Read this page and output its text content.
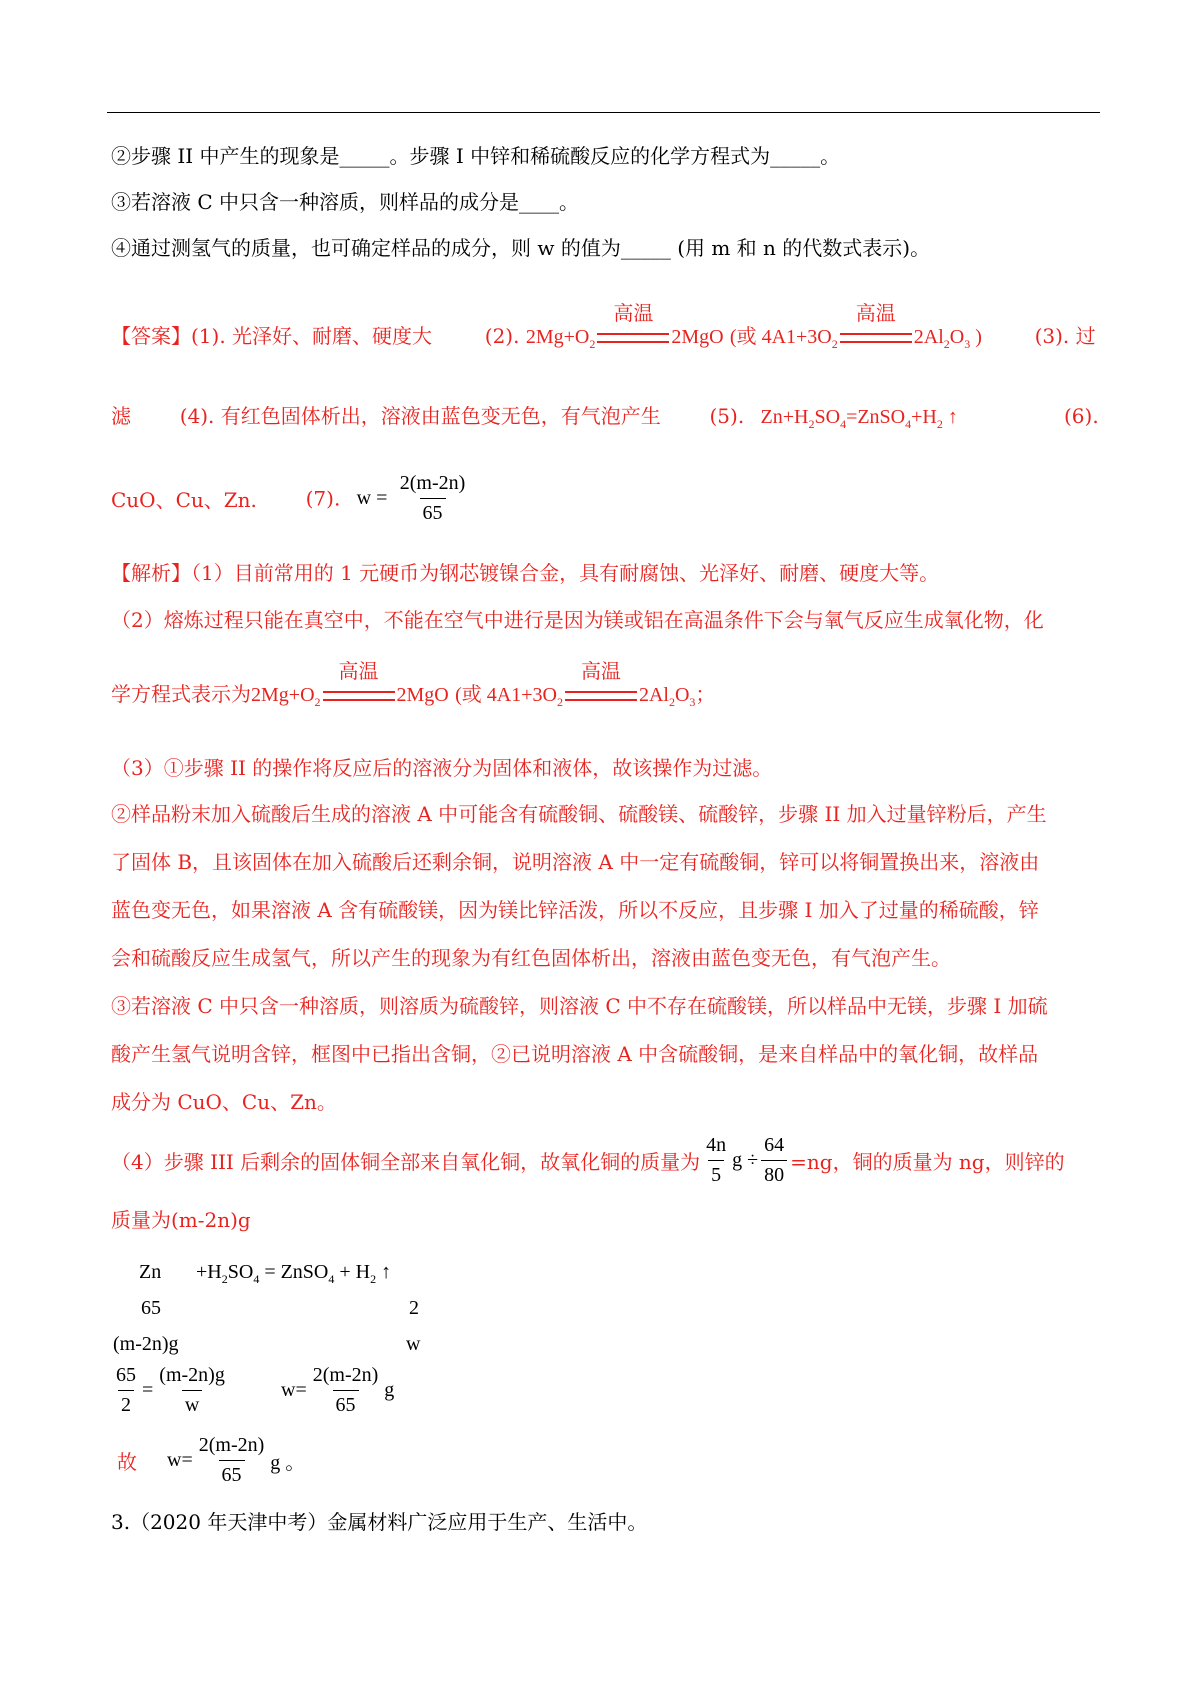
②步骤 II 中产生的现象是_____。步骤 I 中锌和稀硫酸反应的化学方程式为_____。
③若溶液 C 中只含一种溶质，则样品的成分是____。
④通过测氢气的质量，也可确定样品的成分，则 w 的值为_____ (用 m 和 n 的代数式表示)。
【答案】(1). 光泽好、耐磨、硬度大	(2). $2Mg+O_2$
高温
2MgO (或 $4A1+3O_2$
高温
$2Al_2O_3$ )	(3). 过
滤 (4). 有红色固体析出，溶液由蓝色变无色，有气泡产生 (5). $Zn+H_2SO_4=ZnSO_4+H_2$ ↑	(6).
CuO、Cu、Zn. (7). $w = \frac{2(m-2n)}{65}$
【解析】（1）目前常用的 1 元硬币为钢芯镀镍合金，具有耐腐蚀、光泽好、耐磨、硬度大等。
（2）熔炼过程只能在真空中，不能在空气中进行是因为镁或铝在高温条件下会与氧气反应生成氧化物，化
学方程式表示为$2Mg+O_2$
高温
2MgO (或 $4A1+3O_2$
高温
$2Al_2O_3$；
（3）①步骤 II 的操作将反应后的溶液分为固体和液体，故该操作为过滤。
②样品粉末加入硫酸后生成的溶液 A 中可能含有硫酸铜、硫酸镁、硫酸锌，步骤 II 加入过量锌粉后，产生
了固体 B，且该固体在加入硫酸后还剩余铜，说明溶液 A 中一定有硫酸铜，锌可以将铜置换出来，溶液由
蓝色变无色，如果溶液 A 含有硫酸镁，因为镁比锌活泼，所以不反应，且步骤 I 加入了过量的稀硫酸，锌
会和硫酸反应生成氢气，所以产生的现象为有红色固体析出，溶液由蓝色变无色，有气泡产生。
③若溶液 C 中只含一种溶质，则溶质为硫酸锌，则溶液 C 中不存在硫酸镁，所以样品中无镁，步骤 I 加硫
酸产生氢气说明含锌，框图中已指出含铜，②已说明溶液 A 中含硫酸铜，是来自样品中的氧化铜，故样品
成分为 CuO、Cu、Zn。
（4）步骤 III 后剩余的固体铜全部来自氧化铜，故氧化铜的质量为 $\frac{4n}{5}$ $g \div \frac{64}{80} =ng$，铜的质量为 ng，则锌的
质量为(m-2n)g
$Zn +H_2SO_4$ = ZnSO$_4$ + $H_2$ ↑
65	2
(m-2n)g	w
$\frac{65}{2} = \frac{(m-2n)g}{w}$	$w= \frac{2(m-2n)}{65}$ g
故 $w= \frac{2(m-2n)}{65}$ g 。
3.（2020 年天津中考）金属材料广泛应用于生产、生活中。
